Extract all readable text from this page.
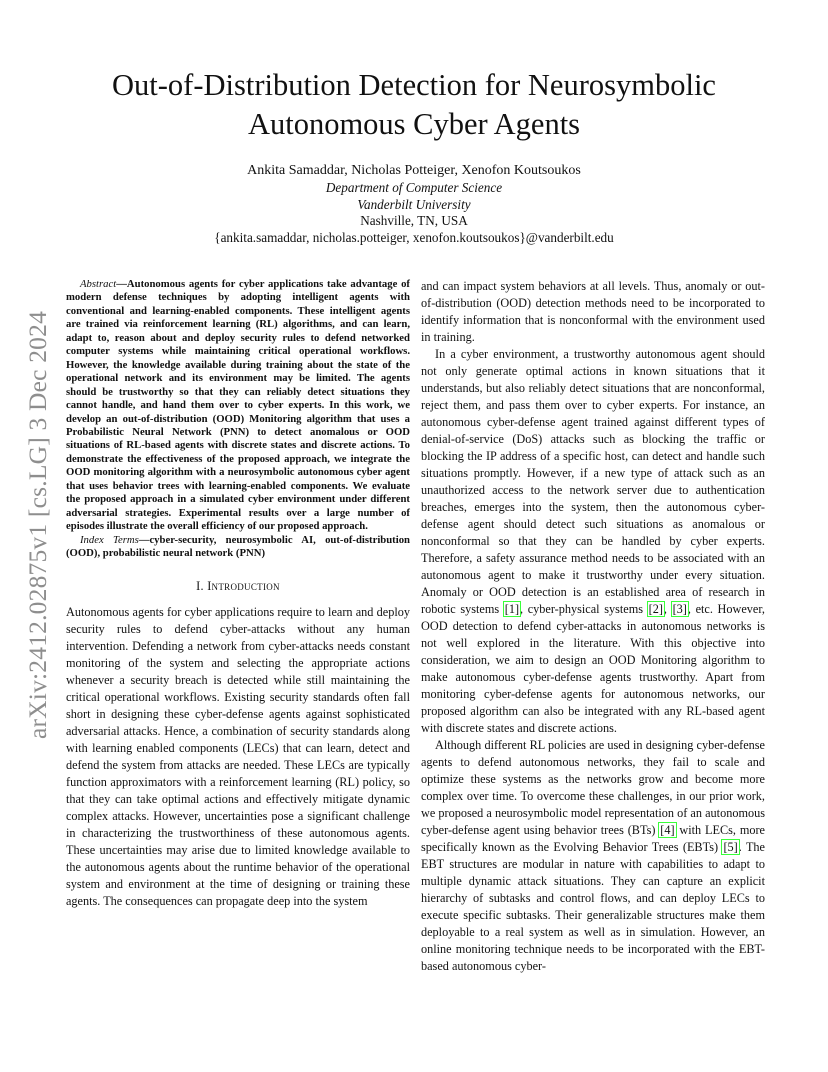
arXiv:2412.02875v1 [cs.LG] 3 Dec 2024
Out-of-Distribution Detection for Neurosymbolic
Autonomous Cyber Agents
Ankita Samaddar, Nicholas Potteiger, Xenofon Koutsoukos
Department of Computer Science
Vanderbilt University
Nashville, TN, USA
{ankita.samaddar, nicholas.potteiger, xenofon.koutsoukos}@vanderbilt.edu

Abstract—Autonomous agents for cyber applications take advantage of modern defense techniques by adopting intelligent agents with conventional and learning-enabled components. These intelligent agents are trained via reinforcement learning (RL) algorithms, and can learn, adapt to, reason about and deploy security rules to defend networked computer systems while maintaining critical operational workflows. However, the knowledge available during training about the state of the operational network and its environment may be limited. The agents should be trustworthy so that they can reliably detect situations they cannot handle, and hand them over to cyber experts. In this work, we develop an out-of-distribution (OOD) Monitoring algorithm that uses a Probabilistic Neural Network (PNN) to detect anomalous or OOD situations of RL-based agents with discrete states and discrete actions. To demonstrate the effectiveness of the proposed approach, we integrate the OOD monitoring algorithm with a neurosymbolic autonomous cyber agent that uses behavior trees with learning-enabled components. We evaluate the proposed approach in a simulated cyber environment under different adversarial strategies. Experimental results over a large number of episodes illustrate the overall efficiency of our proposed approach.

Index Terms—cyber-security, neurosymbolic AI, out-of-distribution (OOD), probabilistic neural network (PNN)

I. Introduction

Autonomous agents for cyber applications require to learn and deploy security rules to defend cyber-attacks without any human intervention. Defending a network from cyber-attacks needs constant monitoring of the system and selecting the appropriate actions whenever a security breach is detected while still maintaining the critical operational workflows. Existing security standards often fall short in designing these cyber-defense agents against sophisticated adversarial attacks. Hence, a combination of security standards along with learning enabled components (LECs) that can learn, detect and defend the system from attacks are needed. These LECs are typically function approximators with a reinforcement learning (RL) policy, so that they can take optimal actions and effectively mitigate dynamic complex attacks. However, uncertainties pose a significant challenge in characterizing the trustworthiness of these autonomous agents. These uncertainties may arise due to limited knowledge available to the autonomous agents about the runtime behavior of the operational system and environment at the time of designing or training these agents. The consequences can propagate deep into the system

and can impact system behaviors at all levels. Thus, anomaly or out-of-distribution (OOD) detection methods need to be incorporated to identify information that is nonconformal with the environment used in training.

In a cyber environment, a trustworthy autonomous agent should not only generate optimal actions in known situations that it understands, but also reliably detect situations that are nonconformal, reject them, and pass them over to cyber experts. For instance, an autonomous cyber-defense agent trained against different types of denial-of-service (DoS) attacks such as blocking the traffic or blocking the IP address of a specific host, can detect and handle such situations promptly. However, if a new type of attack such as an unauthorized access to the network server due to authentication breaches, emerges into the system, then the autonomous cyber-defense agent should detect such situations as anomalous or nonconformal so that they can be handled by cyber experts. Therefore, a safety assurance method needs to be associated with an autonomous agent to make it trustworthy under every situation. Anomaly or OOD detection is an established area of research in robotic systems [1], cyber-physical systems [2], [3], etc. However, OOD detection to defend cyber-attacks in autonomous networks is not well explored in the literature. With this objective into consideration, we aim to design an OOD Monitoring algorithm to make autonomous cyber-defense agents trustworthy. Apart from monitoring cyber-defense agents for autonomous networks, our proposed algorithm can also be integrated with any RL-based agent with discrete states and discrete actions.

Although different RL policies are used in designing cyber-defense agents to defend autonomous networks, they fail to scale and optimize these systems as the networks grow and become more complex over time. To overcome these challenges, in our prior work, we proposed a neurosymbolic model representation of an autonomous cyber-defense agent using behavior trees (BTs) [4] with LECs, more specifically known as the Evolving Behavior Trees (EBTs) [5]. The EBT structures are modular in nature with capabilities to adapt to multiple dynamic attack situations. They can capture an explicit hierarchy of subtasks and control flows, and can deploy LECs to execute specific subtasks. Their generalizable structures make them deployable to a real system as well as in simulation. However, an online monitoring technique needs to be incorporated with the EBT-based autonomous cyber-
